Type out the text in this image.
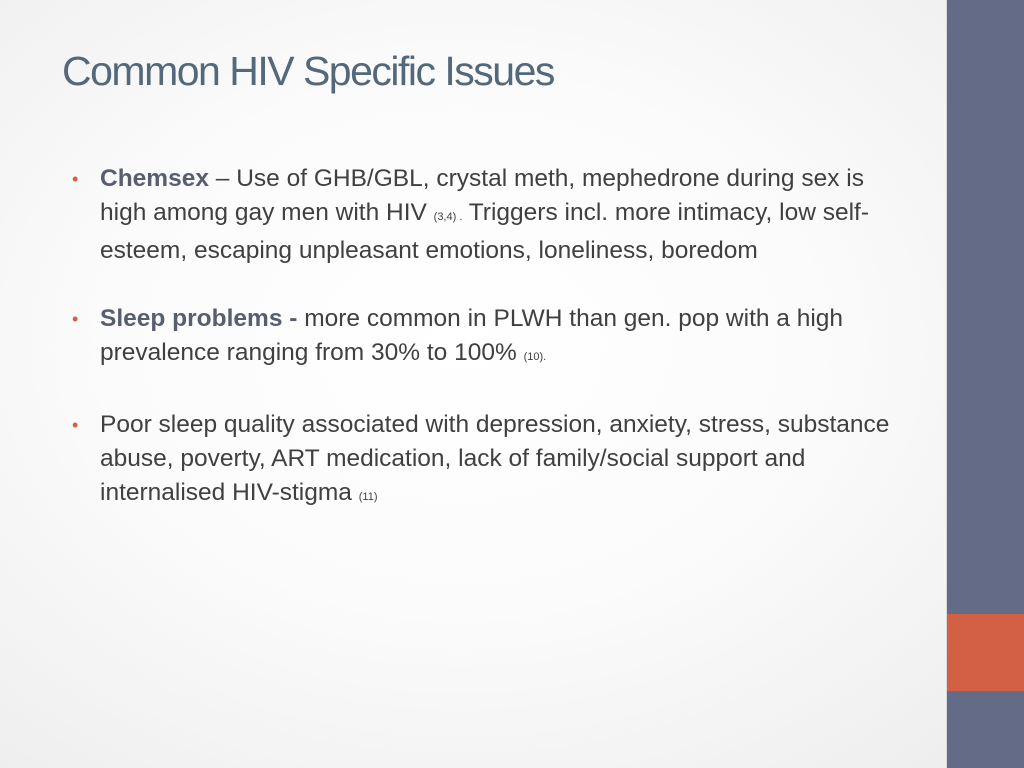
Common HIV Specific Issues
• Chemsex – Use of GHB/GBL, crystal meth, mephedrone during sex is high among gay men with HIV (3,4) . Triggers incl. more intimacy, low self-esteem, escaping unpleasant emotions, loneliness, boredom
• Sleep problems - more common in PLWH than gen. pop with a high prevalence ranging from 30% to 100% (10).
• Poor sleep quality associated with depression, anxiety, stress, substance abuse, poverty, ART medication, lack of family/social support and internalised HIV-stigma (11)
